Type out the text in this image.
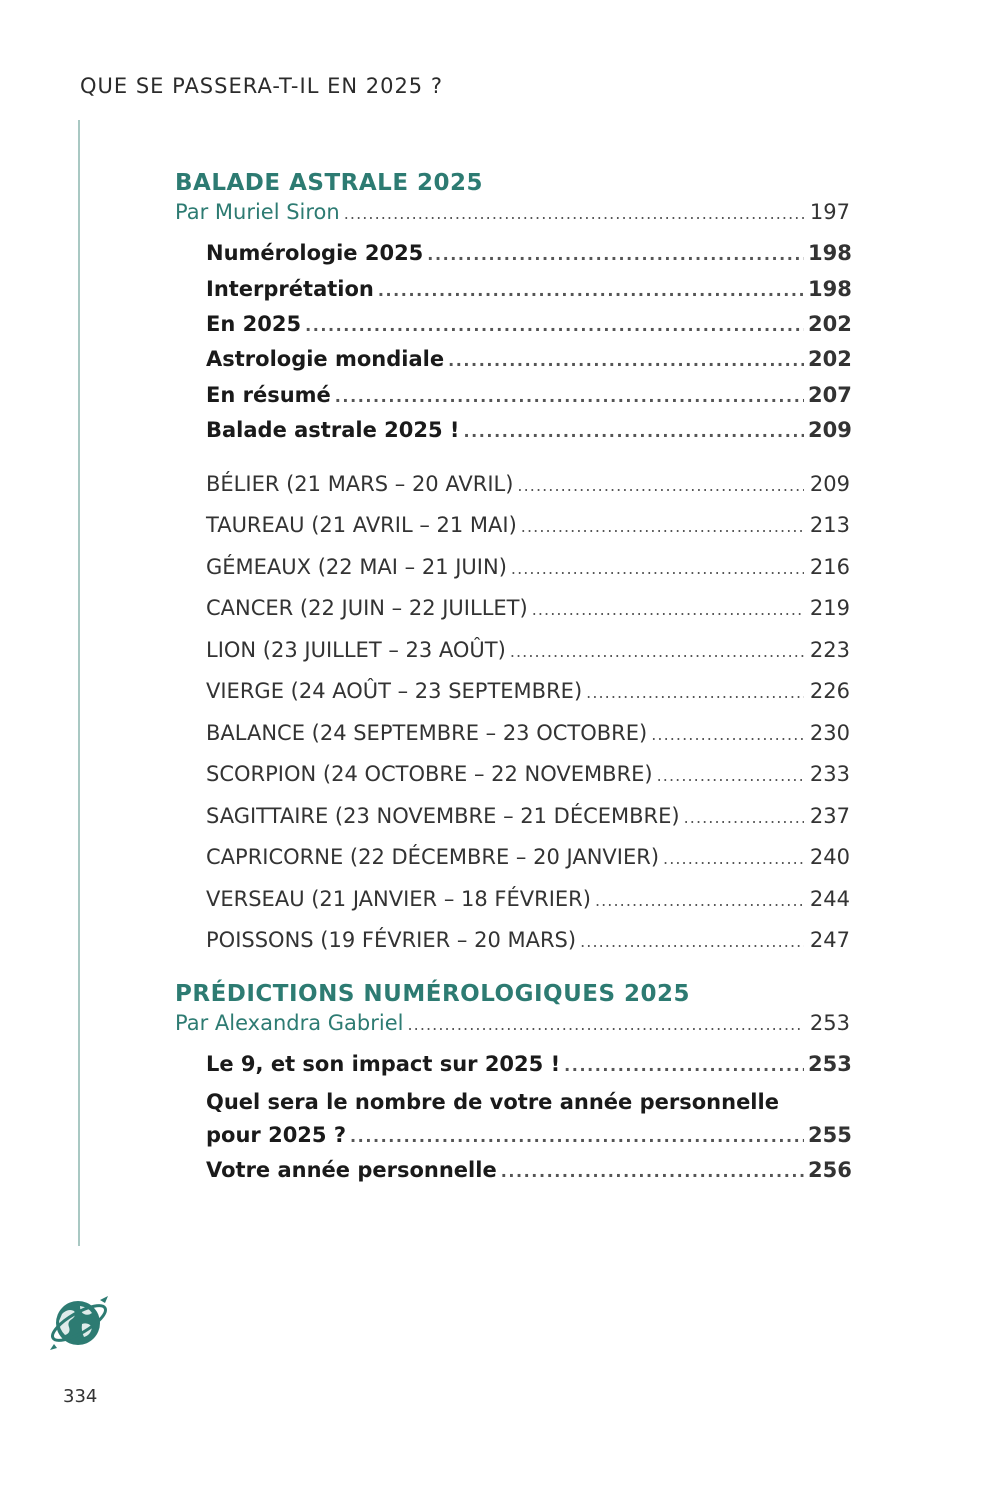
QUE SE PASSERA-T-IL EN 2025 ?
BALADE ASTRALE 2025
Par Muriel Siron . . .	197
Numérologie 2025 . . .	198
Interprétation . . .	198
En 2025 . . .	202
Astrologie mondiale . . .	202
En résumé . . .	207
Balade astrale 2025 ! . . .	209
BÉLIER (21 MARS – 20 AVRIL) . . .	209
TAUREAU (21 AVRIL – 21 MAI) . . .	213
GÉMEAUX (22 MAI – 21 JUIN) . . .	216
CANCER (22 JUIN – 22 JUILLET) . . .	219
LION (23 JUILLET – 23 AOÛT) . . .	223
VIERGE (24 AOÛT – 23 SEPTEMBRE) . . .	226
BALANCE (24 SEPTEMBRE – 23 OCTOBRE) . . .	230
SCORPION (24 OCTOBRE – 22 NOVEMBRE) . . .	233
SAGITTAIRE (23 NOVEMBRE – 21 DÉCEMBRE) . . .	237
CAPRICORNE (22 DÉCEMBRE – 20 JANVIER) . . .	240
VERSEAU (21 JANVIER – 18 FÉVRIER) . . .	244
POISSONS (19 FÉVRIER – 20 MARS) . . .	247
PRÉDICTIONS NUMÉROLOGIQUES 2025
Par Alexandra Gabriel . . .	253
Le 9, et son impact sur 2025 ! . . .	253
Quel sera le nombre de votre année personnelle
pour 2025 ? . . .	255
Votre année personnelle . . .	256
334
